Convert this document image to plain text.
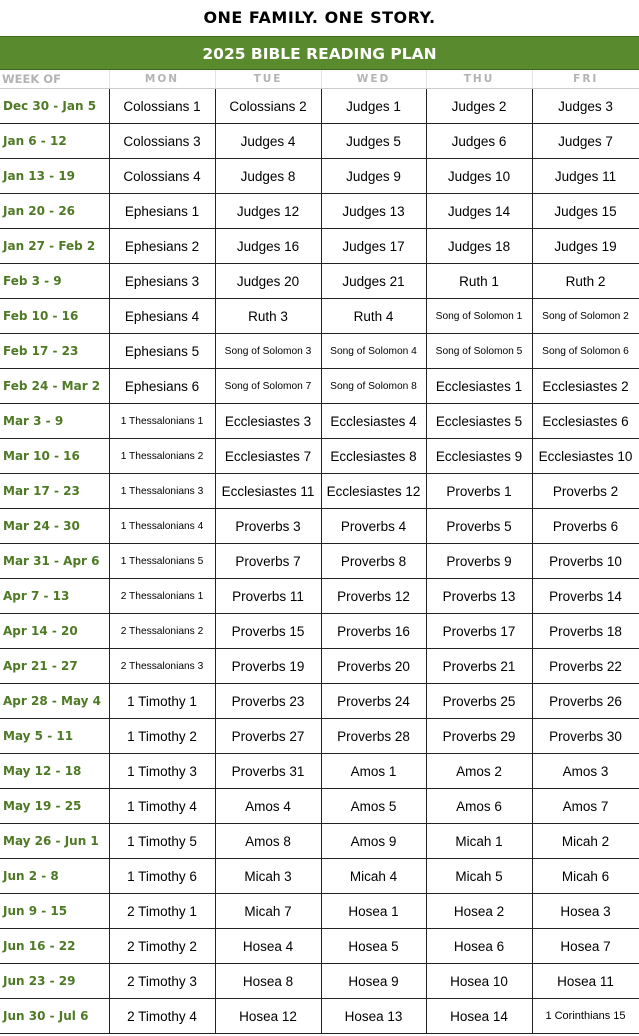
ONE FAMILY. ONE STORY.
2025 BIBLE READING PLAN
WEEK OF	MON	TUE	WED	THU	FRI
Dec 30 - Jan 5	Colossians 1	Colossians 2	Judges 1	Judges 2	Judges 3
Jan 6 - 12	Colossians 3	Judges 4	Judges 5	Judges 6	Judges 7
Jan 13 - 19	Colossians 4	Judges 8	Judges 9	Judges 10	Judges 11
Jan 20 - 26	Ephesians 1	Judges 12	Judges 13	Judges 14	Judges 15
Jan 27 - Feb 2	Ephesians 2	Judges 16	Judges 17	Judges 18	Judges 19
Feb 3 - 9	Ephesians 3	Judges 20	Judges 21	Ruth 1	Ruth 2
Feb 10 - 16	Ephesians 4	Ruth 3	Ruth 4	Song of Solomon 1	Song of Solomon 2
Feb 17 - 23	Ephesians 5	Song of Solomon 3	Song of Solomon 4	Song of Solomon 5	Song of Solomon 6
Feb 24 - Mar 2	Ephesians 6	Song of Solomon 7	Song of Solomon 8	Ecclesiastes 1	Ecclesiastes 2
Mar 3 - 9	1 Thessalonians 1	Ecclesiastes 3	Ecclesiastes 4	Ecclesiastes 5	Ecclesiastes 6
Mar 10 - 16	1 Thessalonians 2	Ecclesiastes 7	Ecclesiastes 8	Ecclesiastes 9	Ecclesiastes 10
Mar 17 - 23	1 Thessalonians 3	Ecclesiastes 11	Ecclesiastes 12	Proverbs 1	Proverbs 2
Mar 24 - 30	1 Thessalonians 4	Proverbs 3	Proverbs 4	Proverbs 5	Proverbs 6
Mar 31 - Apr 6	1 Thessalonians 5	Proverbs 7	Proverbs 8	Proverbs 9	Proverbs 10
Apr 7 - 13	2 Thessalonians 1	Proverbs 11	Proverbs 12	Proverbs 13	Proverbs 14
Apr 14 - 20	2 Thessalonians 2	Proverbs 15	Proverbs 16	Proverbs 17	Proverbs 18
Apr 21 - 27	2 Thessalonians 3	Proverbs 19	Proverbs 20	Proverbs 21	Proverbs 22
Apr 28 - May 4	1 Timothy 1	Proverbs 23	Proverbs 24	Proverbs 25	Proverbs 26
May 5 - 11	1 Timothy 2	Proverbs 27	Proverbs 28	Proverbs 29	Proverbs 30
May 12 - 18	1 Timothy 3	Proverbs 31	Amos 1	Amos 2	Amos 3
May 19 - 25	1 Timothy 4	Amos 4	Amos 5	Amos 6	Amos 7
May 26 - Jun 1	1 Timothy 5	Amos 8	Amos 9	Micah 1	Micah 2
Jun 2 - 8	1 Timothy 6	Micah 3	Micah 4	Micah 5	Micah 6
Jun 9 - 15	2 Timothy 1	Micah 7	Hosea 1	Hosea 2	Hosea 3
Jun 16 - 22	2 Timothy 2	Hosea 4	Hosea 5	Hosea 6	Hosea 7
Jun 23 - 29	2 Timothy 3	Hosea 8	Hosea 9	Hosea 10	Hosea 11
Jun 30 - Jul 6	2 Timothy 4	Hosea 12	Hosea 13	Hosea 14	1 Corinthians 15
